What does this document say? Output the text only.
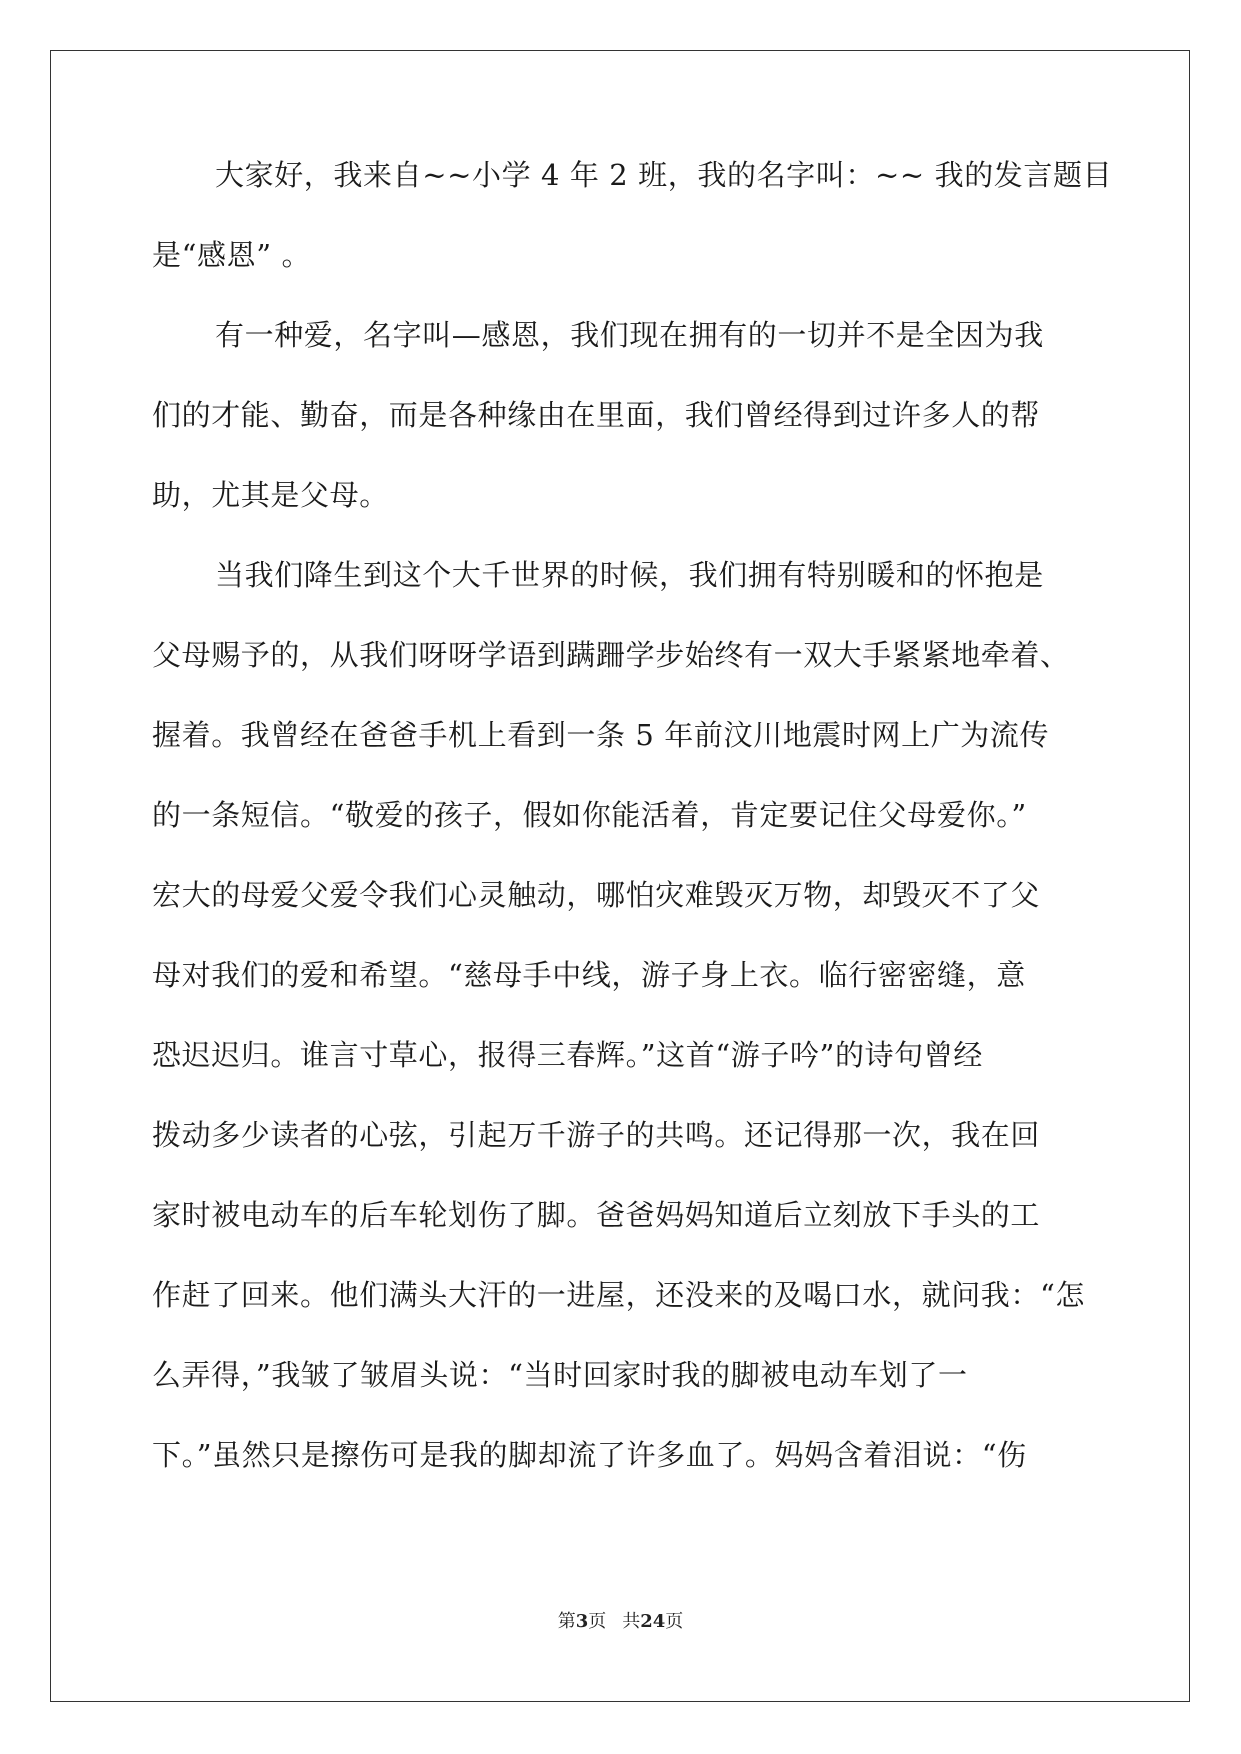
大家好，我来自~~小学 4 年 2 班，我的名字叫：~~ 我的发言题目
是“感恩” 。
有一种爱，名字叫—感恩，我们现在拥有的一切并不是全因为我
们的才能、勤奋，而是各种缘由在里面，我们曾经得到过许多人的帮
助，尤其是父母。
当我们降生到这个大千世界的时候，我们拥有特别暖和的怀抱是
父母赐予的，从我们呀呀学语到蹒跚学步始终有一双大手紧紧地牵着、
握着。我曾经在爸爸手机上看到一条 5 年前汶川地震时网上广为流传
的一条短信。“敬爱的孩子，假如你能活着，肯定要记住父母爱你。”
宏大的母爱父爱令我们心灵触动，哪怕灾难毁灭万物，却毁灭不了父
母对我们的爱和希望。“慈母手中线，游子身上衣。临行密密缝，意
恐迟迟归。谁言寸草心，报得三春辉。”这首“游子吟”的诗句曾经
拨动多少读者的心弦，引起万千游子的共鸣。还记得那一次，我在回
家时被电动车的后车轮划伤了脚。爸爸妈妈知道后立刻放下手头的工
作赶了回来。他们满头大汗的一进屋，还没来的及喝口水，就问我：“怎
么弄得，”我皱了皱眉头说：“当时回家时我的脚被电动车划了一
下。”虽然只是擦伤可是我的脚却流了许多血了。妈妈含着泪说：“伤
第3页 共24页
